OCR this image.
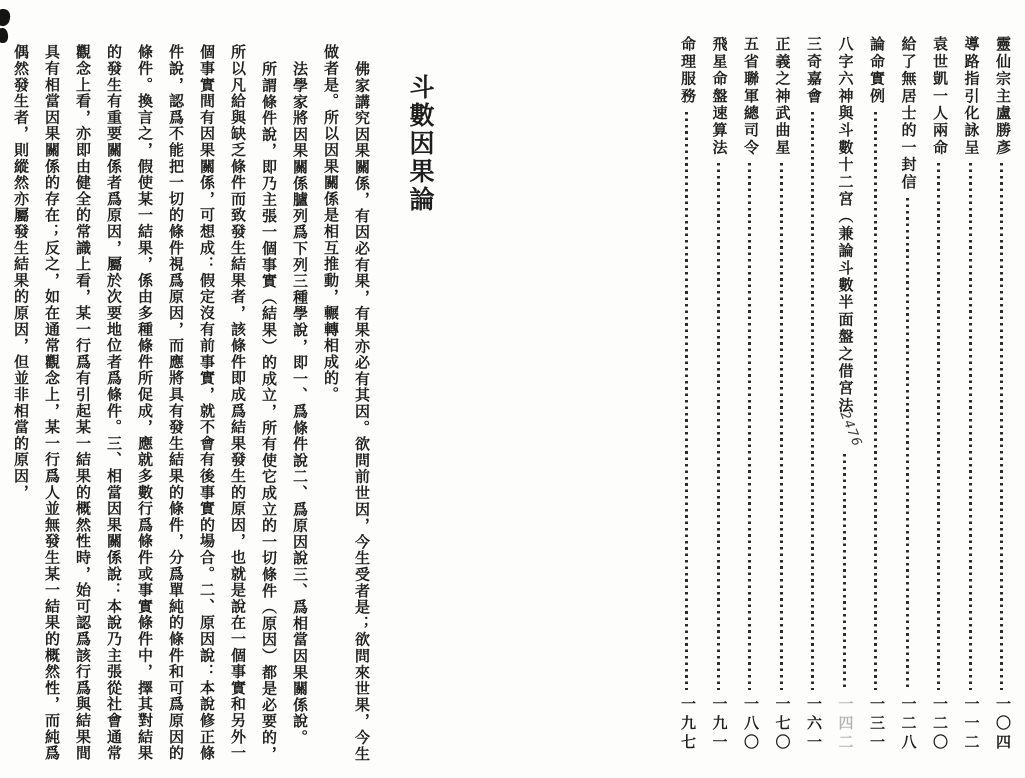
斗數因果論

佛家講究因果關係，有因必有果，有果亦必有其因。欲問前世因，今生受者是；欲問來世果，今生做者是。所以因果關係是相互推動，輾轉相成的。

法學家將因果關係臚列爲下列三種學說，即一、爲條件說二、爲原因說三、爲相當因果關係說。

所謂條件說，即乃主張一個事實（結果）的成立，所有使它成立的一切條件（原因）都是必要的，所以凡給與缺乏條件而致發生結果者，該條件即成爲結果發生的原因，也就是說在一個事實和另外一個事實間有因果關係，可想成：假定沒有前事實，就不會有後事實的場合。二、原因說：本說修正條件說，認爲不能把一切的條件視爲原因，而應將具有發生結果的條件，分爲單純的條件和可爲原因的條件。換言之，假使某一結果，係由多種條件所促成，應就多數行爲條件或事實條件中，擇其對結果的發生有重要關係者爲原因，屬於次要地位者爲條件。三、相當因果關係說：本說乃主張從社會通常觀念上看，亦即由健全的常識上看，某一行爲有引起某一結果的概然性時，始可認爲該行爲與結果間具有相當因果關係的存在；反之，如在通常觀念上，某一行爲人並無發生某一結果的概然性，而純爲偶然發生者，則縱然亦屬發生結果的原因，但並非相當的原因，	靈仙宗主盧勝彥
一〇四
導路指引化詠呈
一一二
袁世凱一人兩命
一二〇
給了無居士的一封信
一二八
論命實例
一三一
八字六神與斗數十二宮（兼論斗數半面盤之借宮法
2476
一四二
三奇嘉會
一六一
正義之神武曲星
一七〇
五省聯軍總司令
一八〇
飛星命盤速算法
一九一
命理服務
一九七
